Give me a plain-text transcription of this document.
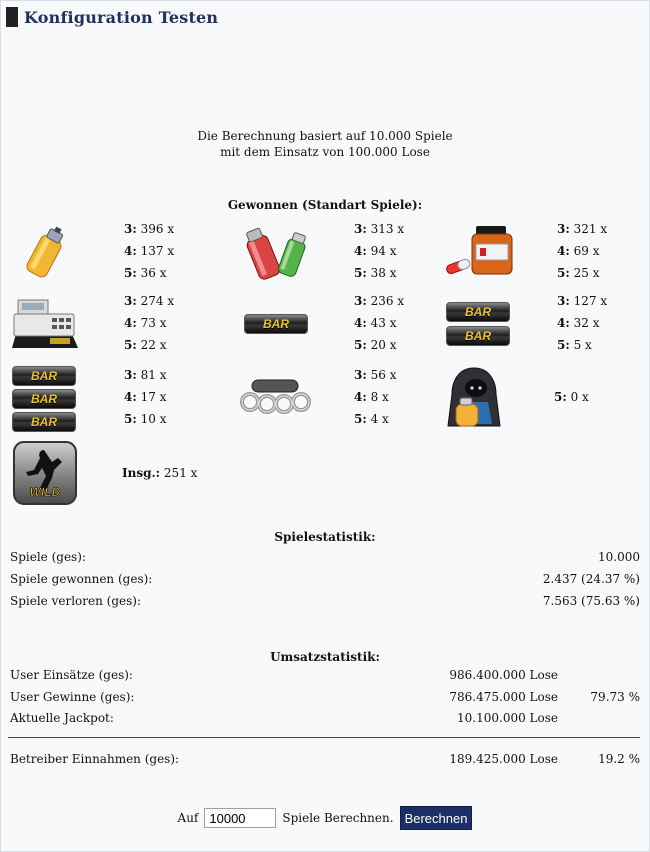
Konfiguration Testen
Die Berechnung basiert auf 10.000 Spiele
mit dem Einsatz von 100.000 Lose
Gewonnen (Standart Spiele):
3: 396 x
4: 137 x
5: 36 x
3: 313 x
4: 94 x
5: 38 x
3: 321 x
4: 69 x
5: 25 x
3: 274 x
4: 73 x
5: 22 x
BAR
3: 236 x
4: 43 x
5: 20 x
BAR
BAR
3: 127 x
4: 32 x
5: 5 x
BAR
BAR
BAR
3: 81 x
4: 17 x
5: 10 x
3: 56 x
4: 8 x
5: 4 x
5: 0 x
WILD
Insg.: 251 x
Spielestatistik:
Spiele (ges):	10.000
Spiele gewonnen (ges):	2.437 (24.37 %)
Spiele verloren (ges):	7.563 (75.63 %)
Umsatzstatistik:
User Einsätze (ges):	986.400.000 Lose
User Gewinne (ges):	786.475.000 Lose	79.73 %
Aktuelle Jackpot:	10.100.000 Lose
Betreiber Einnahmen (ges):	189.425.000 Lose	19.2 %
Auf
10000	Spiele Berechnen. Berechnen
